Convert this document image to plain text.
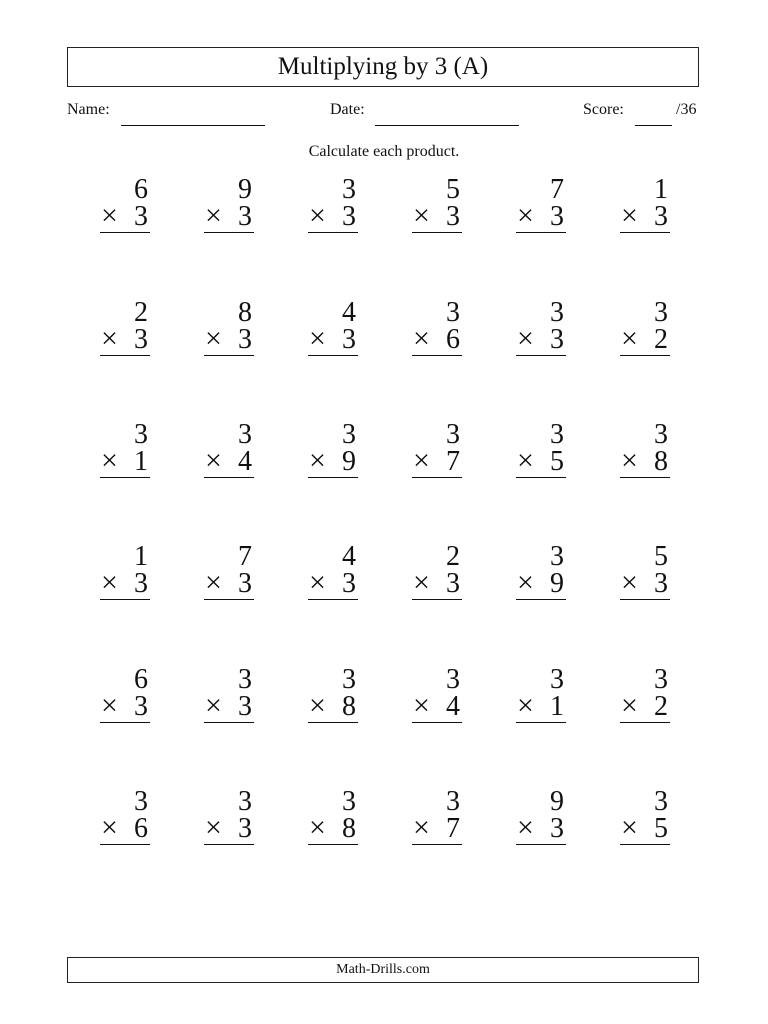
Multiplying by 3 (A)
Name:	Date:	Score:	/36
Calculate each product.
6
× 3
9
× 3
3
× 3
5
× 3
7
× 3
1
× 3
2
× 3
8
× 3
4
× 3
3
× 6
3
× 3
3
× 2
3
× 1
3
× 4
3
× 9
3
× 7
3
× 5
3
× 8
1
× 3
7
× 3
4
× 3
2
× 3
3
× 9
5
× 3
6
× 3
3
× 3
3
× 8
3
× 4
3
× 1
3
× 2
3
× 6
3
× 3
3
× 8
3
× 7
9
× 3
3
× 5
Math-Drills.com
